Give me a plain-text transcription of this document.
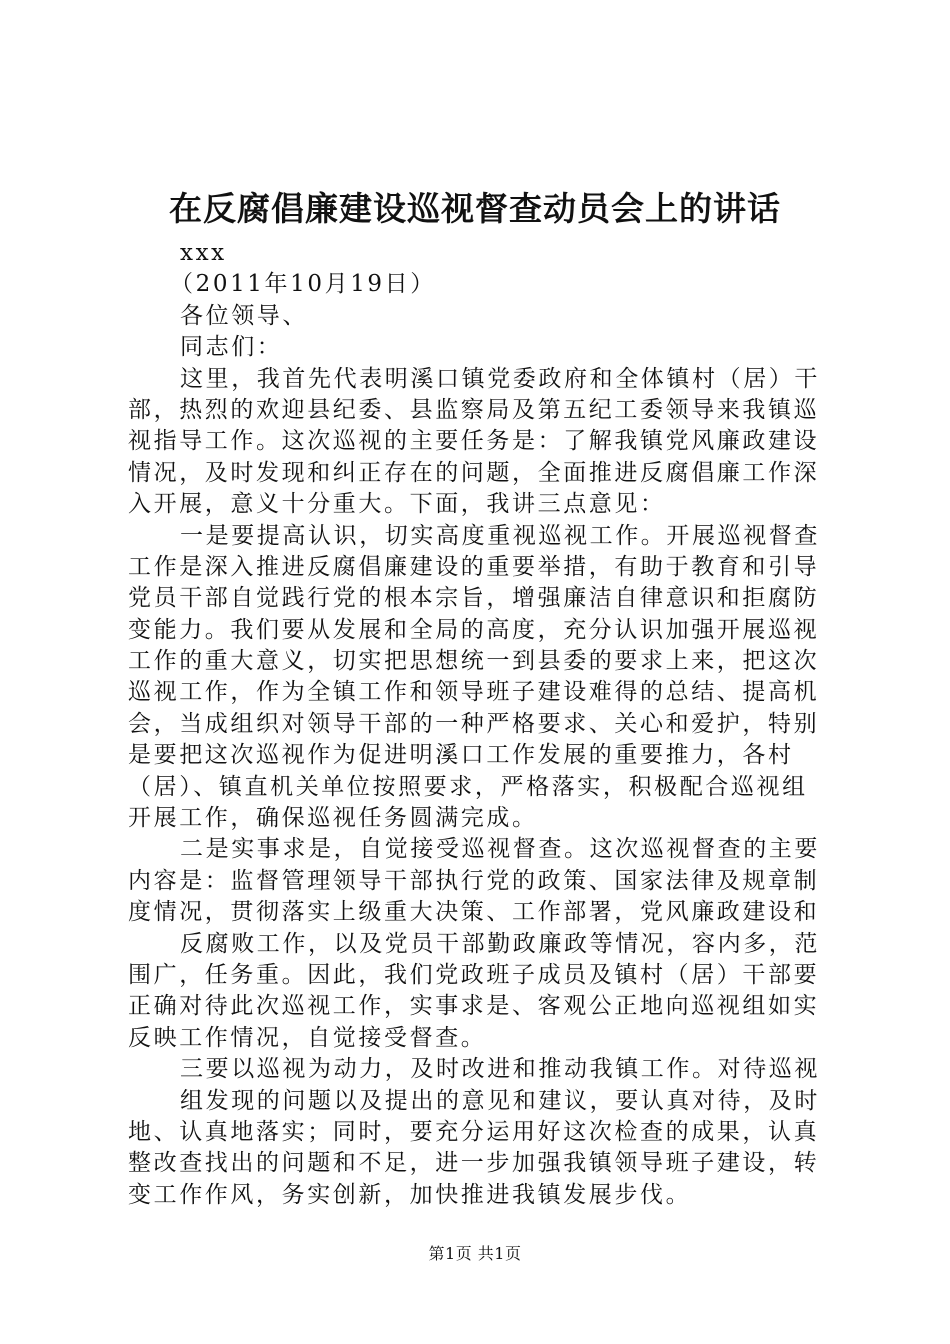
在反腐倡廉建设巡视督查动员会上的讲话
xxx
（2011年10月19日）
各位领导、
同志们：
这里，我首先代表明溪口镇党委政府和全体镇村（居）干
部，热烈的欢迎县纪委、县监察局及第五纪工委领导来我镇巡
视指导工作。这次巡视的主要任务是：了解我镇党风廉政建设
情况，及时发现和纠正存在的问题，全面推进反腐倡廉工作深
入开展，意义十分重大。下面，我讲三点意见：
一是要提高认识，切实高度重视巡视工作。开展巡视督查
工作是深入推进反腐倡廉建设的重要举措，有助于教育和引导
党员干部自觉践行党的根本宗旨，增强廉洁自律意识和拒腐防
变能力。我们要从发展和全局的高度，充分认识加强开展巡视
工作的重大意义，切实把思想统一到县委的要求上来，把这次
巡视工作，作为全镇工作和领导班子建设难得的总结、提高机
会，当成组织对领导干部的一种严格要求、关心和爱护，特别
是要把这次巡视作为促进明溪口工作发展的重要推力，各村
（居）、镇直机关单位按照要求，严格落实，积极配合巡视组
开展工作，确保巡视任务圆满完成。
二是实事求是，自觉接受巡视督查。这次巡视督查的主要
内容是：监督管理领导干部执行党的政策、国家法律及规章制
度情况，贯彻落实上级重大决策、工作部署，党风廉政建设和
反腐败工作，以及党员干部勤政廉政等情况，容内多，范
围广，任务重。因此，我们党政班子成员及镇村（居）干部要
正确对待此次巡视工作，实事求是、客观公正地向巡视组如实
反映工作情况，自觉接受督查。
三要以巡视为动力，及时改进和推动我镇工作。对待巡视
组发现的问题以及提出的意见和建议，要认真对待，及时
地、认真地落实；同时，要充分运用好这次检查的成果，认真
整改查找出的问题和不足，进一步加强我镇领导班子建设，转
变工作作风，务实创新，加快推进我镇发展步伐。
第1页 共1页
